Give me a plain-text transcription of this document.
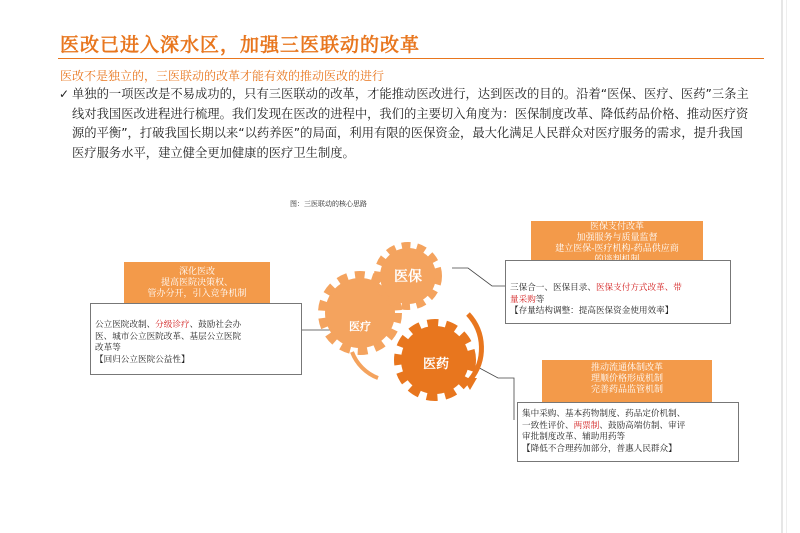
医改已进入深水区，加强三医联动的改革
医改不是独立的，三医联动的改革才能有效的推动医改的进行
✓ 单独的一项医改是不易成功的，只有三医联动的改革，才能推动医改进行，达到医改的目的。沿着“医保、医疗、医药”三条主线对我国医改进程进行梳理。我们发现在医改的进程中，我们的主要切入角度为：医保制度改革、降低药品价格、推动医疗资源的平衡”，打破我国长期以来“以药养医”的局面，利用有限的医保资金，最大化满足人民群众对医疗服务的需求，提升我国医疗服务水平，建立健全更加健康的医疗卫生制度。
图：三医联动的核心思路
医保
医疗
医药
医保支付改革
加强服务与质量监督
建立医保-医疗机构-药品供应商
三保合一、医保目录、医保支付方式改革、带
量采购等
【存量结构调整：提高医保资金使用效率】
深化医改
提高医院决策权、
管办分开，引入竞争机制
公立医院改制、分级诊疗、鼓励社会办
医、城市公立医院改革、基层公立医院
改革等
【回归公立医院公益性】
推动流通体制改革
理顺价格形成机制
完善药品监管机制
集中采购、基本药物制度、药品定价机制、
一致性评价、两票制、鼓励高端仿制、审评
审批制度改革、辅助用药等
【降低不合理药加部分，普惠人民群众】
